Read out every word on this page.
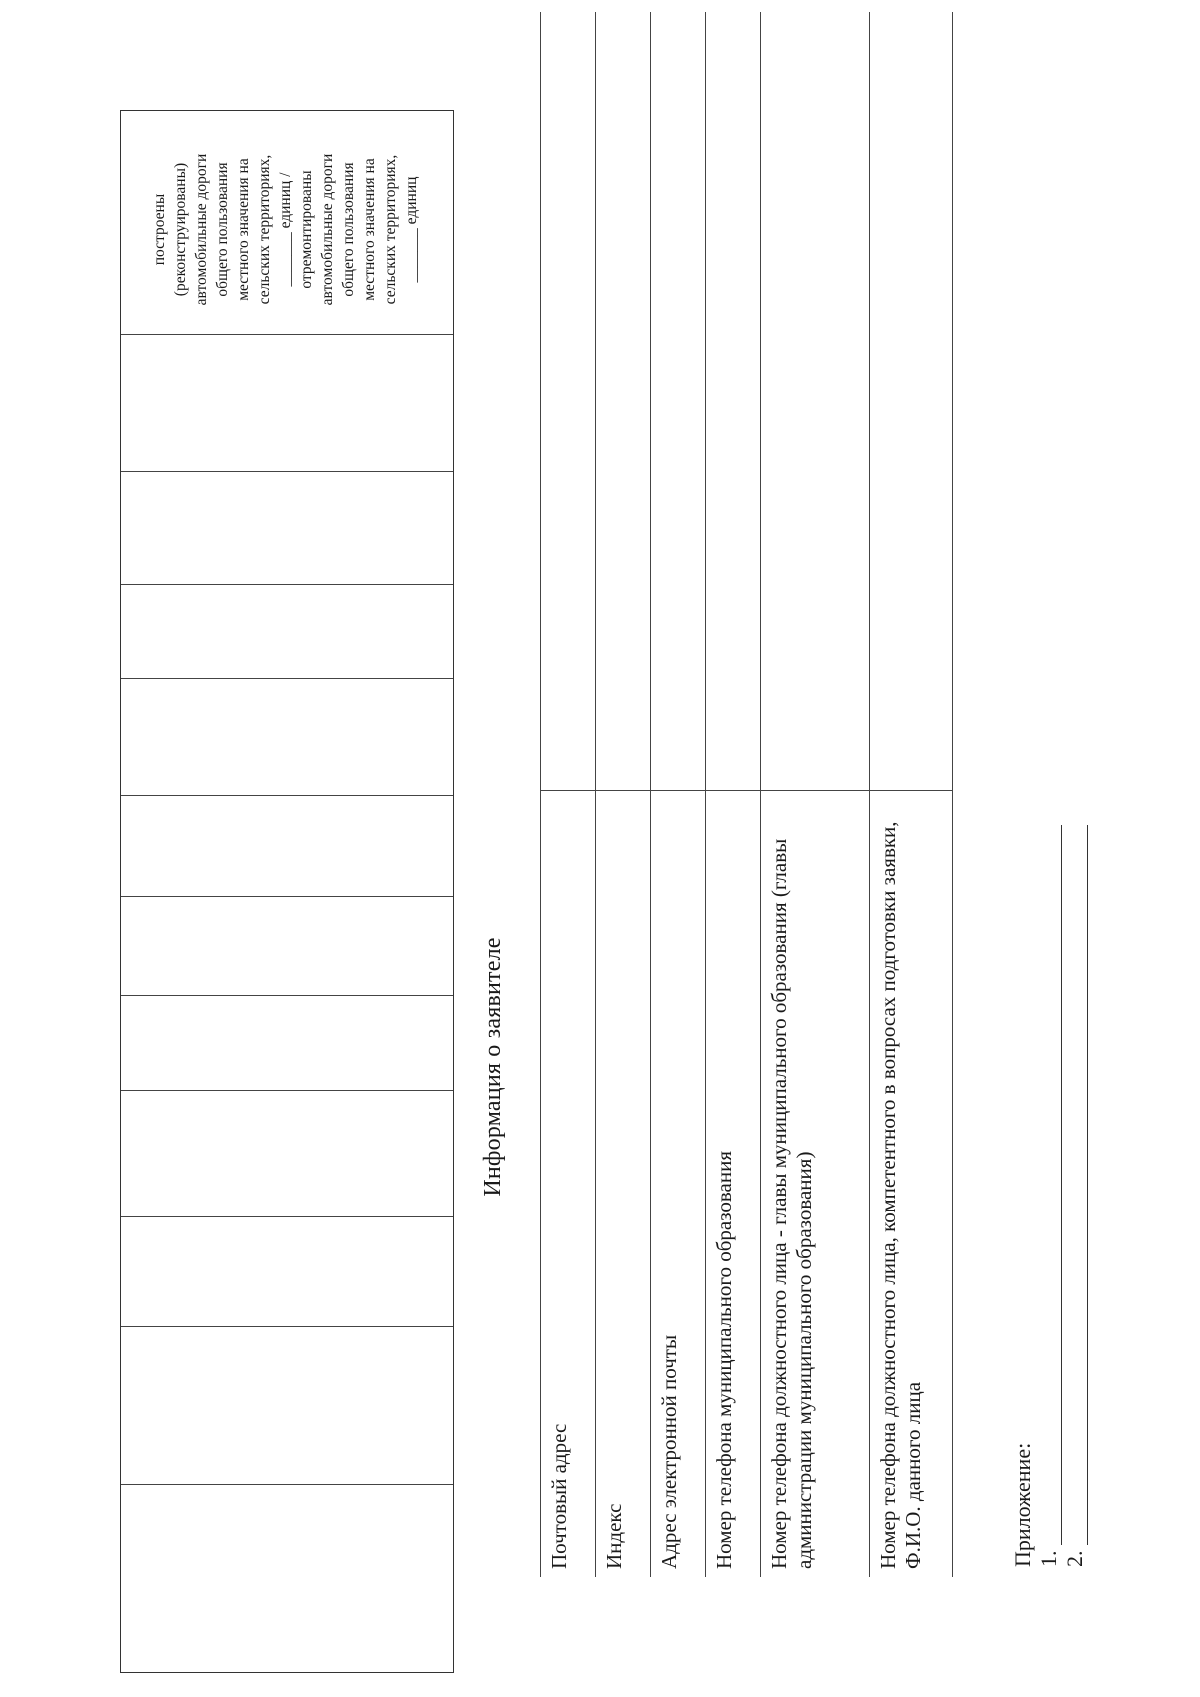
построены
(реконструированы)
автомобильные дороги
общего пользования
местного значения на
сельских территориях,
_______ единиц /
отремонтированы
автомобильные дороги
общего пользования
местного значения на
сельских территориях,
_______ единиц
Информация о заявителе
Почтовый адрес	
Индекс	
Адрес электронной почты	
Номер телефона муниципального образования	
Номер телефона должностного лица - главы муниципального образования (главы администрации муниципального образования)	
Номер телефона должностного лица, компетентного в вопросах подготовки заявки, Ф.И.О. данного лица		Приложение: 1. 2.
